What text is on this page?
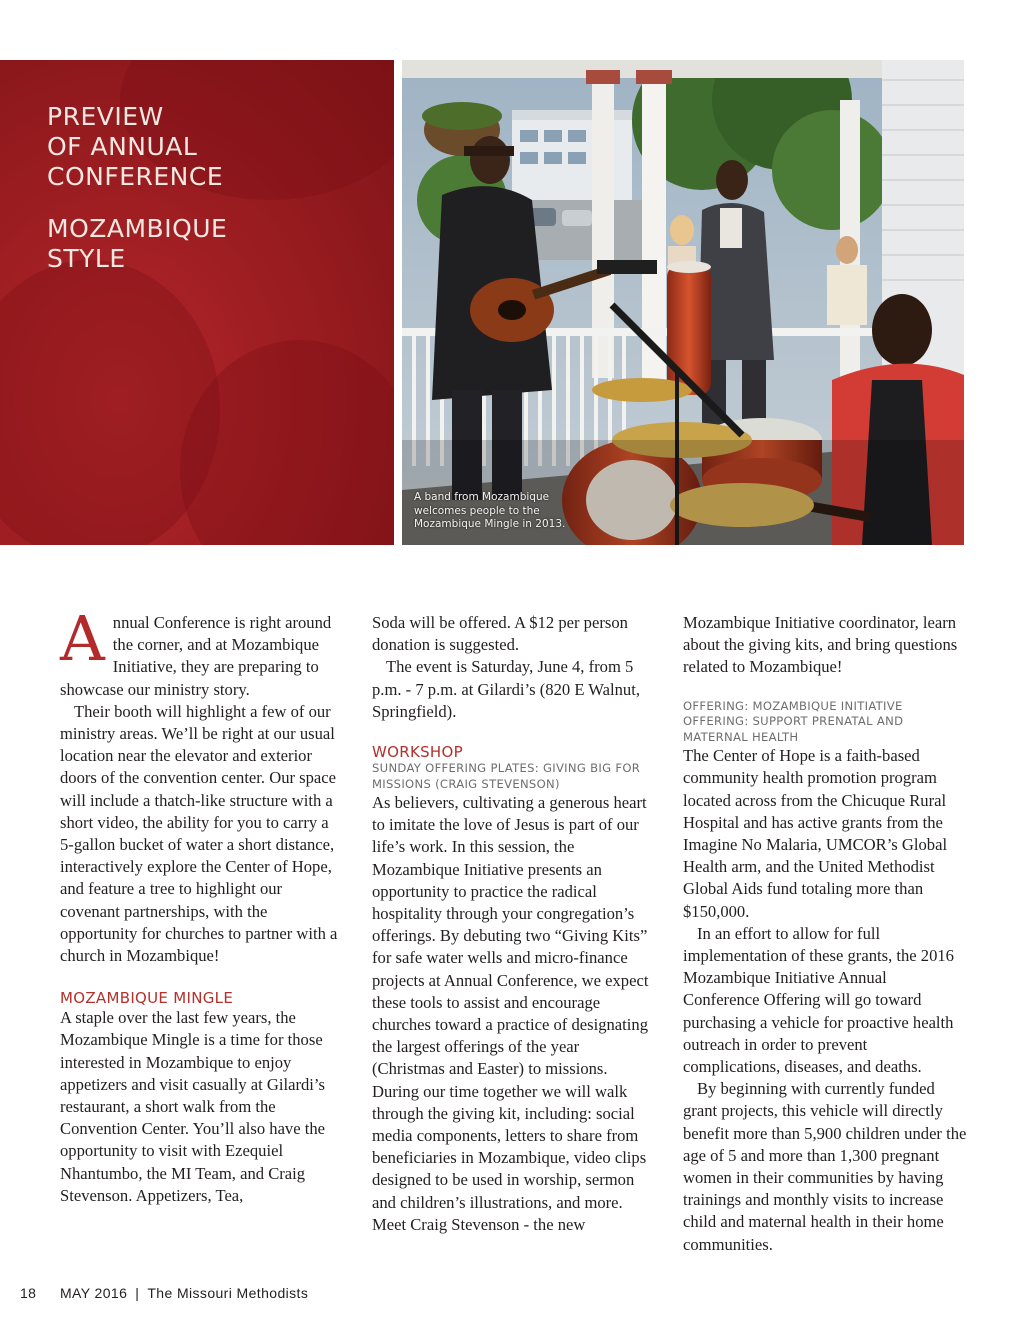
PREVIEW
OF ANNUAL
CONFERENCE
MOZAMBIQUE
STYLE

A band from Mozambique
welcomes people to the
Mozambique Mingle in 2013.

Annual Conference is right around the corner, and at Mozambique Initiative, they are preparing to showcase our ministry story.

Their booth will highlight a few of our ministry areas. We’ll be right at our usual location near the elevator and exterior doors of the convention center. Our space will include a thatch-like structure with a short video, the ability for you to carry a 5-gallon bucket of water a short distance, interactively explore the Center of Hope, and feature a tree to highlight our covenant partnerships, with the opportunity for churches to partner with a church in Mozambique!

MOZAMBIQUE MINGLE

A staple over the last few years, the Mozambique Mingle is a time for those interested in Mozambique to enjoy appetizers and visit casually at Gilardi’s restaurant, a short walk from the Convention Center. You’ll also have the opportunity to visit with Ezequiel Nhantumbo, the MI Team, and Craig Stevenson. Appetizers, Tea,

Soda will be offered. A $12 per person donation is suggested.

The event is Saturday, June 4, from 5 p.m. - 7 p.m. at Gilardi’s (820 E Walnut, Springfield).

WORKSHOP

SUNDAY OFFERING PLATES: GIVING BIG FOR MISSIONS (CRAIG STEVENSON)

As believers, cultivating a generous heart to imitate the love of Jesus is part of our life’s work. In this session, the Mozambique Initiative presents an opportunity to practice the radical hospitality through your congregation’s offerings. By debuting two “Giving Kits” for safe water wells and micro-finance projects at Annual Conference, we expect these tools to assist and encourage churches toward a practice of designating the largest offerings of the year (Christmas and Easter) to missions. During our time together we will walk through the giving kit, including: social media components, letters to share from beneficiaries in Mozambique, video clips designed to be used in worship, sermon and children’s illustrations, and more. Meet Craig Stevenson - the new

Mozambique Initiative coordinator, learn about the giving kits, and bring questions related to Mozambique!

OFFERING: MOZAMBIQUE INITIATIVE

OFFERING: SUPPORT PRENATAL AND MATERNAL HEALTH

The Center of Hope is a faith-based community health promotion program located across from the Chicuque Rural Hospital and has active grants from the Imagine No Malaria, UMCOR’s Global Health arm, and the United Methodist Global Aids fund totaling more than $150,000.

In an effort to allow for full implementation of these grants, the 2016 Mozambique Initiative Annual Conference Offering will go toward purchasing a vehicle for proactive health outreach in order to prevent complications, diseases, and deaths.

By beginning with currently funded grant projects, this vehicle will directly benefit more than 5,900 children under the age of 5 and more than 1,300 pregnant women in their communities by having trainings and monthly visits to increase child and maternal health in their home communities.

18 MAY 2016 | The Missouri Methodists
